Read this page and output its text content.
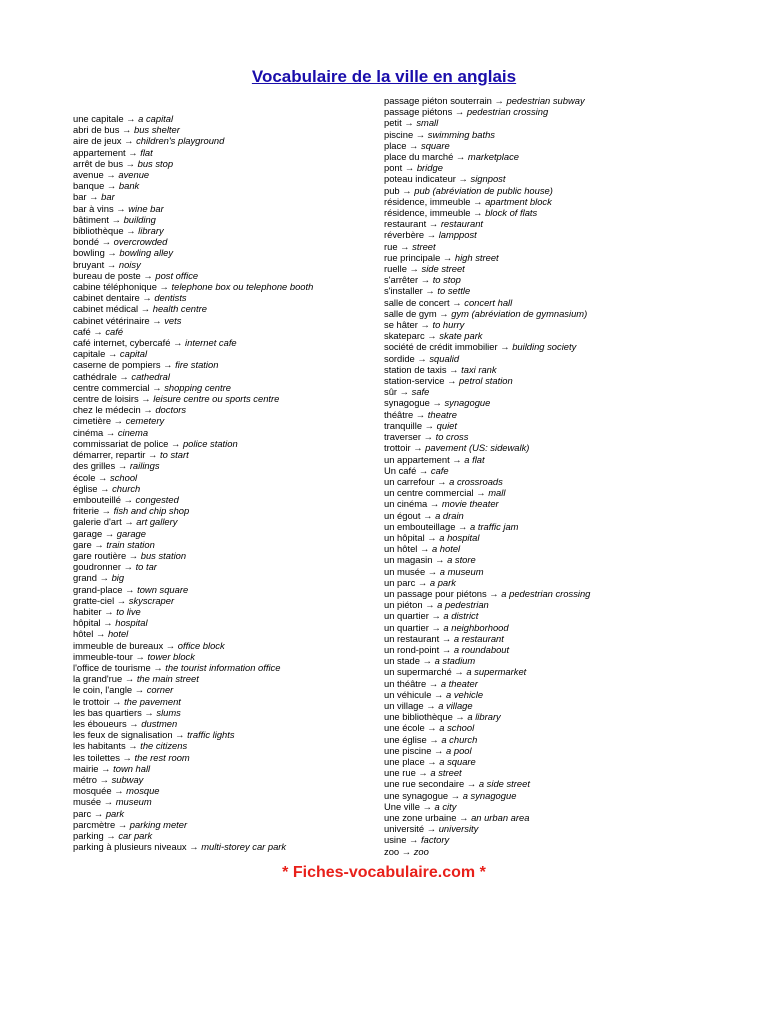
Vocabulaire de la ville en anglais
une capitale → a capital
abri de bus → bus shelter
aire de jeux → children's playground
appartement → flat
arrêt de bus → bus stop
avenue → avenue
banque → bank
bar → bar
bar à vins → wine bar
bâtiment → building
bibliothèque → library
bondé → overcrowded
bowling → bowling alley
bruyant → noisy
bureau de poste → post office
cabine téléphonique → telephone box ou telephone booth
cabinet dentaire → dentists
cabinet médical → health centre
cabinet vétérinaire → vets
café → café
café internet, cybercafé → internet cafe
capitale → capital
caserne de pompiers → fire station
cathédrale → cathedral
centre commercial → shopping centre
centre de loisirs → leisure centre ou sports centre
chez le médecin → doctors
cimetière → cemetery
cinéma → cinema
commissariat de police → police station
démarrer, repartir → to start
des grilles → railings
école → school
église → church
embouteillé → congested
friterie → fish and chip shop
galerie d'art → art gallery
garage → garage
gare → train station
gare routière → bus station
goudronner → to tar
grand → big
grand-place → town square
gratte-ciel → skyscraper
habiter → to live
hôpital → hospital
hôtel → hotel
immeuble de bureaux → office block
immeuble-tour → tower block
l'office de tourisme → the tourist information office
la grand'rue → the main street
le coin, l'angle → corner
le trottoir → the pavement
les bas quartiers → slums
les éboueurs → dustmen
les feux de signalisation → traffic lights
les habitants → the citizens
les toilettes → the rest room
mairie → town hall
métro → subway
mosquée → mosque
musée → museum
parc → park
parcmètre → parking meter
parking → car park
parking à plusieurs niveaux → multi-storey car park
passage piéton souterrain → pedestrian subway
passage piétons → pedestrian crossing
petit → small
piscine → swimming baths
place → square
place du marché → marketplace
pont → bridge
poteau indicateur → signpost
pub → pub (abréviation de public house)
résidence, immeuble → apartment block
résidence, immeuble → block of flats
restaurant → restaurant
réverbère → lamppost
rue → street
rue principale → high street
ruelle → side street
s'arrêter → to stop
s'installer → to settle
salle de concert → concert hall
salle de gym → gym (abréviation de gymnasium)
se hâter → to hurry
skateparc → skate park
société de crédit immobilier → building society
sordide → squalid
station de taxis → taxi rank
station-service → petrol station
sûr → safe
synagogue → synagogue
théâtre → theatre
tranquille → quiet
traverser → to cross
trottoir → pavement (US: sidewalk)
un appartement → a flat
Un café → cafe
un carrefour → a crossroads
un centre commercial → mall
un cinéma → movie theater
un égout → a drain
un embouteillage → a traffic jam
un hôpital → a hospital
un hôtel → a hotel
un magasin → a store
un musée → a museum
un parc → a park
un passage pour piétons → a pedestrian crossing
un piéton → a pedestrian
un quartier → a district
un quartier → a neighborhood
un restaurant → a restaurant
un rond-point → a roundabout
un stade → a stadium
un supermarché → a supermarket
un théâtre → a theater
un véhicule → a vehicle
un village → a village
une bibliothèque → a library
une école → a school
une église → a church
une piscine → a pool
une place → a square
une rue → a street
une rue secondaire → a side street
une synagogue → a synagogue
Une ville → a city
une zone urbaine → an urban area
université → university
usine → factory
zoo → zoo
* Fiches-vocabulaire.com *
